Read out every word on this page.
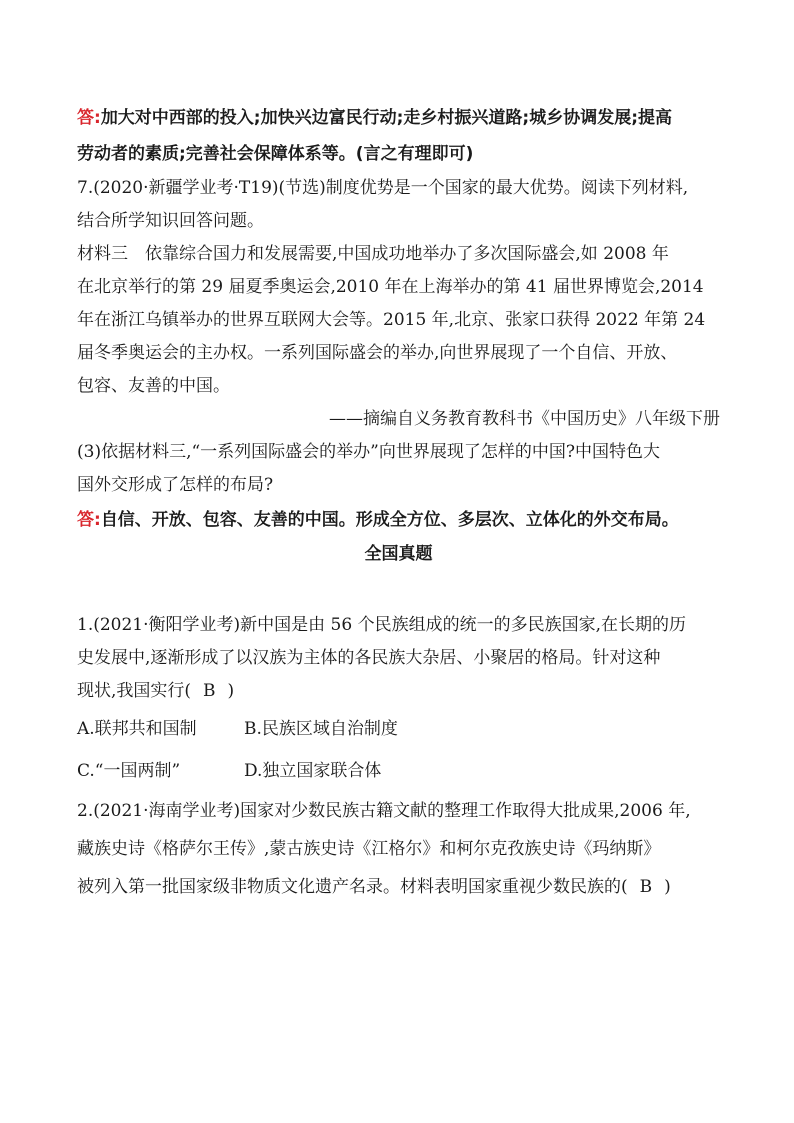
答:加大对中西部的投入;加快兴边富民行动;走乡村振兴道路;城乡协调发展;提高
劳动者的素质;完善社会保障体系等。(言之有理即可)

7.(2020·新疆学业考·T19)(节选)制度优势是一个国家的最大优势。阅读下列材料,
结合所学知识回答问题。

材料三　依靠综合国力和发展需要,中国成功地举办了多次国际盛会,如 2008 年
在北京举行的第 29 届夏季奥运会,2010 年在上海举办的第 41 届世界博览会,2014
年在浙江乌镇举办的世界互联网大会等。2015 年,北京、张家口获得 2022 年第 24
届冬季奥运会的主办权。一系列国际盛会的举办,向世界展现了一个自信、开放、
包容、友善的中国。

——摘编自义务教育教科书《中国历史》八年级下册

(3)依据材料三,“一系列国际盛会的举办”向世界展现了怎样的中国?中国特色大
国外交形成了怎样的布局?

答:自信、开放、包容、友善的中国。形成全方位、多层次、立体化的外交布局。

全国真题

1.(2021·衡阳学业考)新中国是由 56 个民族组成的统一的多民族国家,在长期的历
史发展中,逐渐形成了以汉族为主体的各民族大杂居、小聚居的格局。针对这种
现状,我国实行( B )

A.联邦共和国制	B.民族区域自治制度
C.“一国两制”	D.独立国家联合体

2.(2021·海南学业考)国家对少数民族古籍文献的整理工作取得大批成果,2006 年,
藏族史诗《格萨尔王传》,蒙古族史诗《江格尔》和柯尔克孜族史诗《玛纳斯》
被列入第一批国家级非物质文化遗产名录。材料表明国家重视少数民族的( B )
